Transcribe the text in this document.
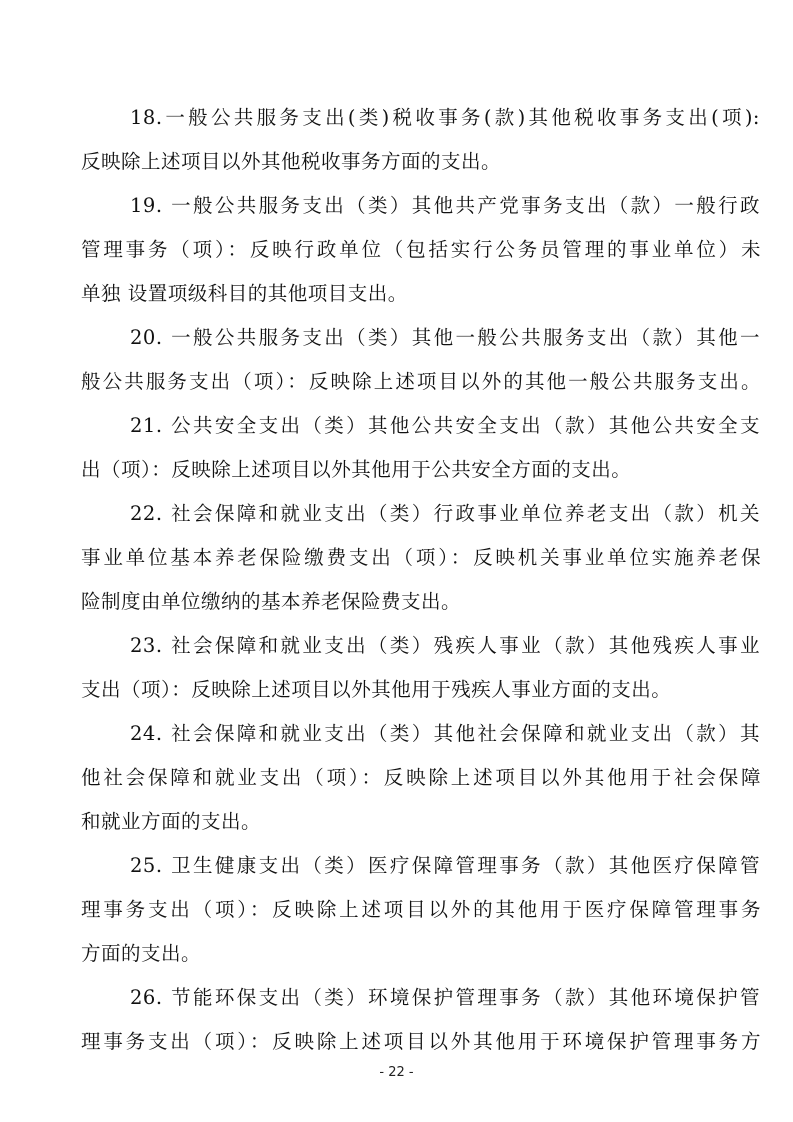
18.一般公共服务支出(类)税收事务(款)其他税收事务支出(项):
反映除上述项目以外其他税收事务方面的支出。
19. 一般公共服务支出（类）其他共产党事务支出（款）一般行政
管理事务（项）：反映行政单位（包括实行公务员管理的事业单位）未
单独 设置项级科目的其他项目支出。
20. 一般公共服务支出（类）其他一般公共服务支出（款）其他一
般公共服务支出（项）：反映除上述项目以外的其他一般公共服务支出。
21. 公共安全支出（类）其他公共安全支出（款）其他公共安全支
出（项）：反映除上述项目以外其他用于公共安全方面的支出。
22. 社会保障和就业支出（类）行政事业单位养老支出（款）机关
事业单位基本养老保险缴费支出（项）：反映机关事业单位实施养老保
险制度由单位缴纳的基本养老保险费支出。
23. 社会保障和就业支出（类）残疾人事业（款）其他残疾人事业
支出（项）：反映除上述项目以外其他用于残疾人事业方面的支出。
24. 社会保障和就业支出（类）其他社会保障和就业支出（款）其
他社会保障和就业支出（项）：反映除上述项目以外其他用于社会保障
和就业方面的支出。
25. 卫生健康支出（类）医疗保障管理事务（款）其他医疗保障管
理事务支出（项）：反映除上述项目以外的其他用于医疗保障管理事务
方面的支出。
26. 节能环保支出（类）环境保护管理事务（款）其他环境保护管
理事务支出（项）：反映除上述项目以外其他用于环境保护管理事务方
- 22 -
